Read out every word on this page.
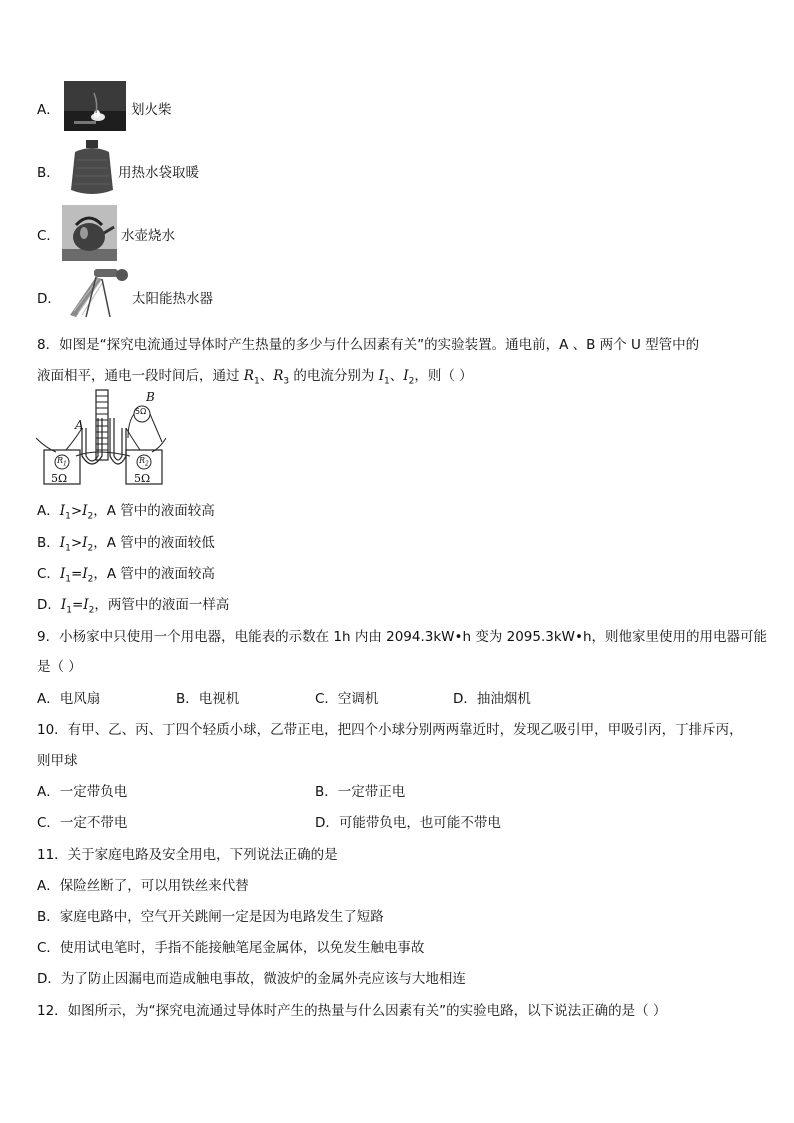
A．	划火柴
B．	用热水袋取暖
C．	水壶烧水
D．	太阳能热水器
8．如图是“探究电流通过导体时产生热量的多少与什么因素有关”的实验装置。通电前，A 、B 两个 U 型管中的
液面相平，通电一段时间后，通过 $R_1$、$R_3$ 的电流分别为 $I_1$、$I_2$，则（ ）
A
B
5Ω
$R_1$	$R_2$
5Ω	5Ω
A．$I_1>I_2$，A 管中的液面较高
B．$I_1>I_2$，A 管中的液面较低
C．$I_1=I_2$，A 管中的液面较高
D．$I_1=I_2$，两管中的液面一样高
9．小杨家中只使用一个用电器，电能表的示数在 1h 内由 2094.3kW•h 变为 2095.3kW•h，则他家里使用的用电器可能
是（ ）
A．电风扇	B．电视机	C．空调机	D．抽油烟机
10．有甲、乙、丙、丁四个轻质小球，乙带正电，把四个小球分别两两靠近时，发现乙吸引甲，甲吸引丙，丁排斥丙，
则甲球
A．一定带负电	B．一定带正电
C．一定不带电	D．可能带负电，也可能不带电
11．关于家庭电路及安全用电，下列说法正确的是
A．保险丝断了，可以用铁丝来代替
B．家庭电路中，空气开关跳闸一定是因为电路发生了短路
C．使用试电笔时，手指不能接触笔尾金属体，以免发生触电事故
D．为了防止因漏电而造成触电事故，微波炉的金属外壳应该与大地相连
12．如图所示，为“探究电流通过导体时产生的热量与什么因素有关”的实验电路，以下说法正确的是（ ）
